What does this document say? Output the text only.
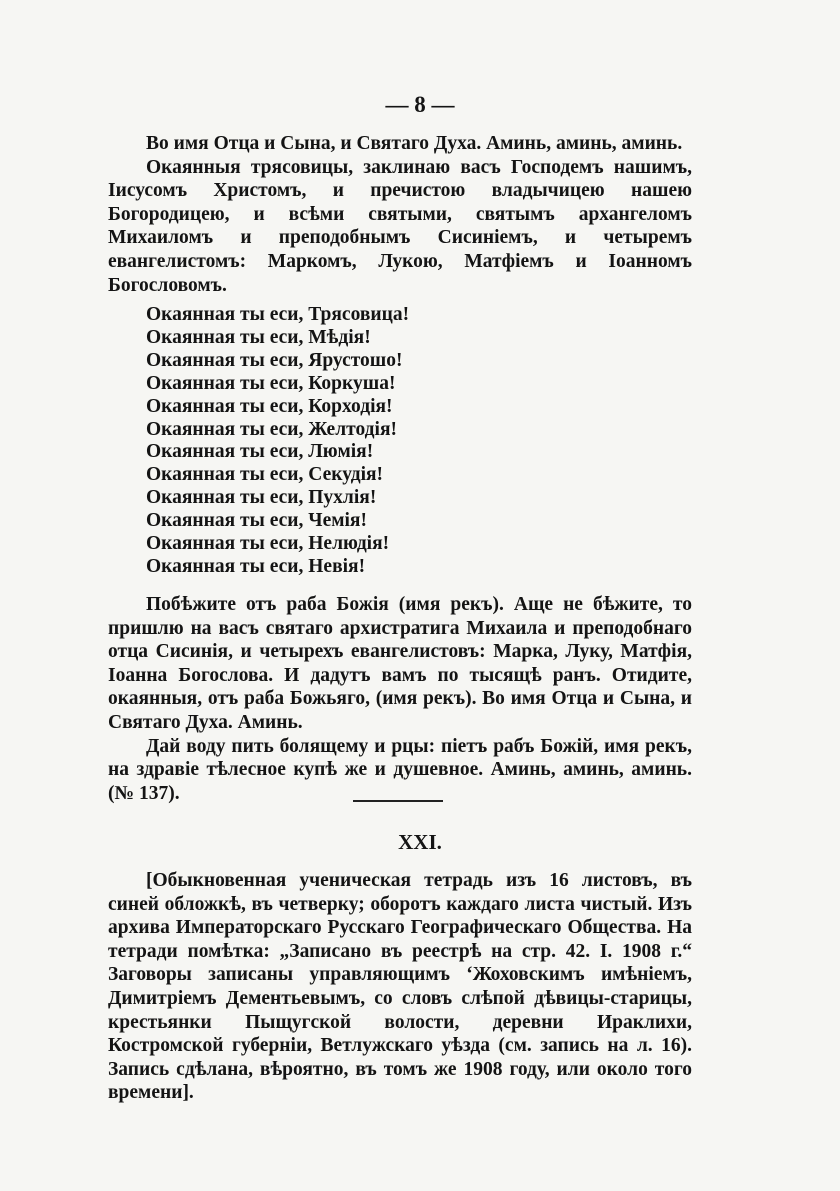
— 8 —

Во имя Отца и Сына, и Святаго Духа. Аминь, аминь, аминь.

Окаянныя трясовицы, заклинаю васъ Господемъ нашимъ, Іисусомъ Христомъ, и пречистою владычицею нашею Богородицею, и всѣми святыми, святымъ архангеломъ Михаиломъ и преподобнымъ Сисиніемъ, и четыремъ евангелистомъ: Маркомъ, Лукою, Матфіемъ и Іоанномъ Богословомъ.

Окаянная ты еси, Трясовица!
Окаянная ты еси, Мѣдія!
Окаянная ты еси, Ярустошо!
Окаянная ты еси, Коркуша!
Окаянная ты еси, Корходія!
Окаянная ты еси, Желтодія!
Окаянная ты еси, Люмія!
Окаянная ты еси, Секудія!
Окаянная ты еси, Пухлія!
Окаянная ты еси, Чемія!
Окаянная ты еси, Нелюдія!
Окаянная ты еси, Невія!

Побѣжите отъ раба Божія (имя рекъ). Аще не бѣжите, то пришлю на васъ святаго архистратига Михаила и преподобнаго отца Сисинія, и четырехъ евангелистовъ: Марка, Луку, Матфія, Іоанна Богослова. И дадутъ вамъ по тысящѣ ранъ. Отидите, окаянныя, отъ раба Божьяго, (имя рекъ). Во имя Отца и Сына, и Святаго Духа. Аминь.

Дай воду пить болящему и рцы: піетъ рабъ Божій, имя рекъ, на здравіе тѣлесное купѣ же и душевное. Аминь, аминь, аминь. (№ 137).

XXI.

[Обыкновенная ученическая тетрадь изъ 16 листовъ, въ синей обложкѣ, въ четверку; оборотъ каждаго листа чистый. Изъ архива Императорскаго Русскаго Географическаго Общества. На тетради помѣтка: „Записано въ реестрѣ на стр. 42. I. 1908 г.“ Заговоры записаны управляющимъ ‘Жоховскимъ имѣніемъ, Димитріемъ Дементьевымъ, со словъ слѣпой дѣвицы-старицы, крестьянки Пыщугской волости, деревни Ираклихи, Костромской губерніи, Ветлужскаго уѣзда (см. запись на л. 16). Запись сдѣлана, вѣроятно, въ томъ же 1908 году, или около того времени].
